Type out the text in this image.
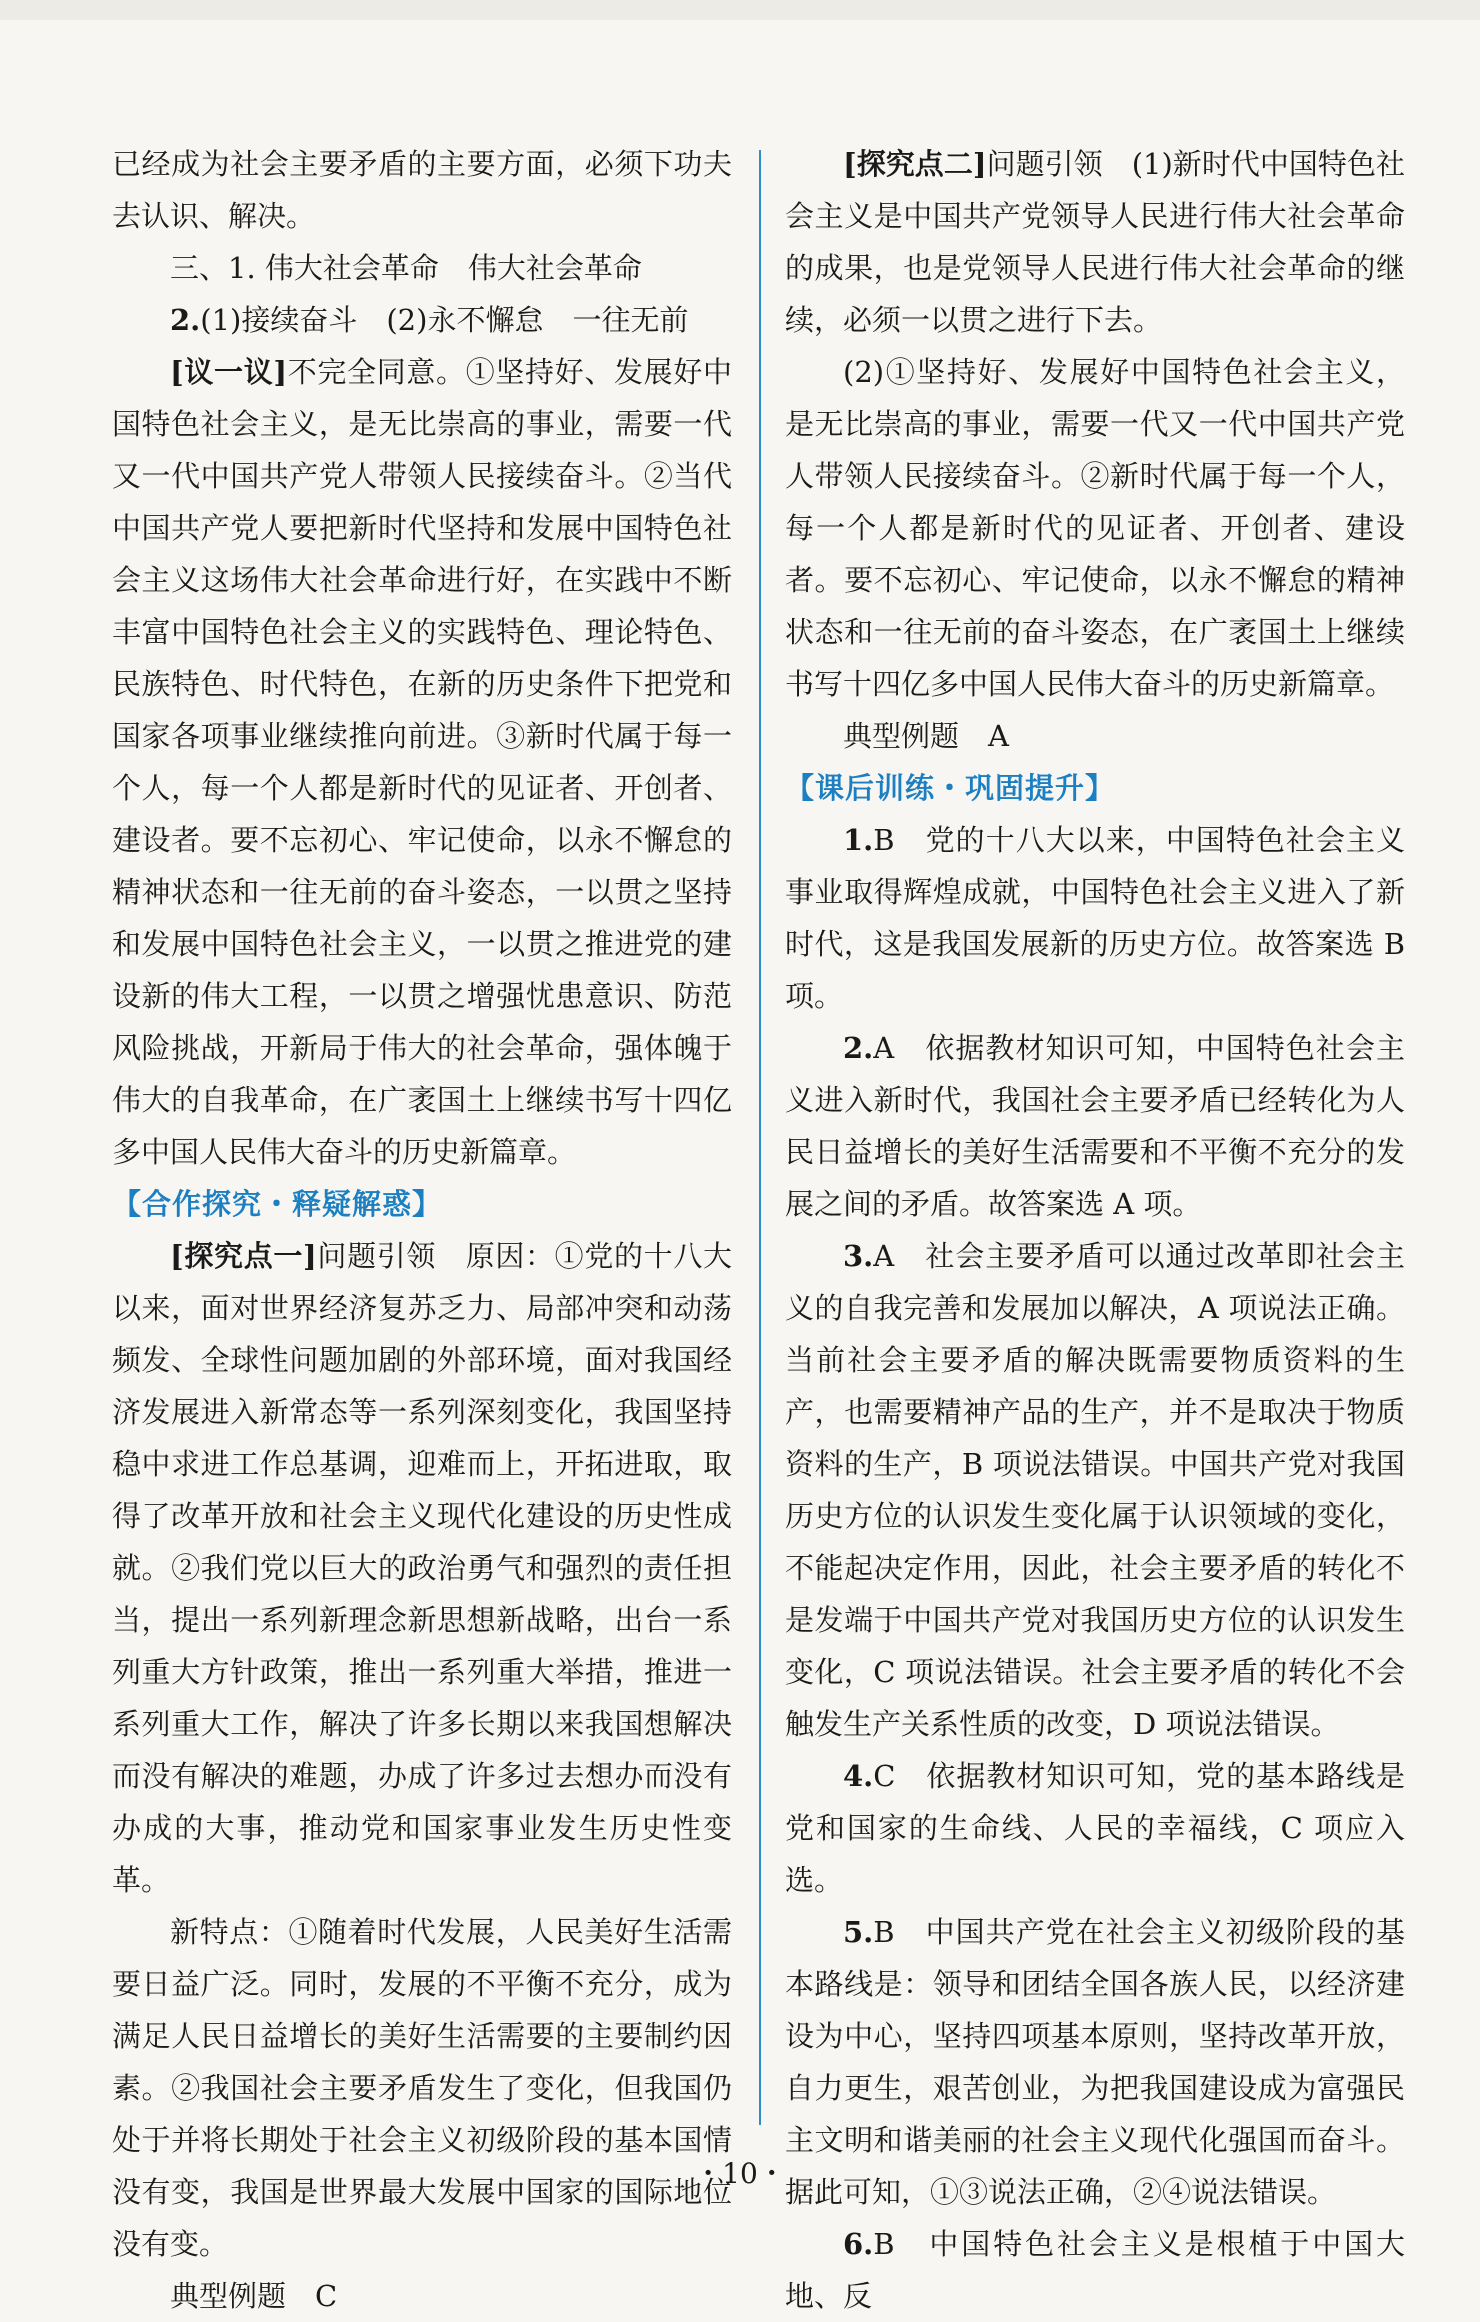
已经成为社会主要矛盾的主要方面，必须下功夫去认识、解决。

三、1. 伟大社会革命　伟大社会革命

2.(1)接续奋斗　(2)永不懈怠　一往无前

[议一议]不完全同意。①坚持好、发展好中国特色社会主义，是无比崇高的事业，需要一代又一代中国共产党人带领人民接续奋斗。②当代中国共产党人要把新时代坚持和发展中国特色社会主义这场伟大社会革命进行好，在实践中不断丰富中国特色社会主义的实践特色、理论特色、民族特色、时代特色，在新的历史条件下把党和国家各项事业继续推向前进。③新时代属于每一个人，每一个人都是新时代的见证者、开创者、建设者。要不忘初心、牢记使命，以永不懈怠的精神状态和一往无前的奋斗姿态，一以贯之坚持和发展中国特色社会主义，一以贯之推进党的建设新的伟大工程，一以贯之增强忧患意识、防范风险挑战，开新局于伟大的社会革命，强体魄于伟大的自我革命，在广袤国土上继续书写十四亿多中国人民伟大奋斗的历史新篇章。

【合作探究・释疑解惑】

[探究点一]问题引领　原因：①党的十八大以来，面对世界经济复苏乏力、局部冲突和动荡频发、全球性问题加剧的外部环境，面对我国经济发展进入新常态等一系列深刻变化，我国坚持稳中求进工作总基调，迎难而上，开拓进取，取得了改革开放和社会主义现代化建设的历史性成就。②我们党以巨大的政治勇气和强烈的责任担当，提出一系列新理念新思想新战略，出台一系列重大方针政策，推出一系列重大举措，推进一系列重大工作，解决了许多长期以来我国想解决而没有解决的难题，办成了许多过去想办而没有办成的大事，推动党和国家事业发生历史性变革。

新特点：①随着时代发展，人民美好生活需要日益广泛。同时，发展的不平衡不充分，成为满足人民日益增长的美好生活需要的主要制约因素。②我国社会主要矛盾发生了变化，但我国仍处于并将长期处于社会主义初级阶段的基本国情没有变，我国是世界最大发展中国家的国际地位没有变。

典型例题　C

[探究点二]问题引领　(1)新时代中国特色社会主义是中国共产党领导人民进行伟大社会革命的成果，也是党领导人民进行伟大社会革命的继续，必须一以贯之进行下去。

(2)①坚持好、发展好中国特色社会主义，是无比崇高的事业，需要一代又一代中国共产党人带领人民接续奋斗。②新时代属于每一个人，每一个人都是新时代的见证者、开创者、建设者。要不忘初心、牢记使命，以永不懈怠的精神状态和一往无前的奋斗姿态，在广袤国土上继续书写十四亿多中国人民伟大奋斗的历史新篇章。

典型例题　A

【课后训练・巩固提升】

1.B　党的十八大以来，中国特色社会主义事业取得辉煌成就，中国特色社会主义进入了新时代，这是我国发展新的历史方位。故答案选 B 项。

2.A　依据教材知识可知，中国特色社会主义进入新时代，我国社会主要矛盾已经转化为人民日益增长的美好生活需要和不平衡不充分的发展之间的矛盾。故答案选 A 项。

3.A　社会主要矛盾可以通过改革即社会主义的自我完善和发展加以解决，A 项说法正确。当前社会主要矛盾的解决既需要物质资料的生产，也需要精神产品的生产，并不是取决于物质资料的生产，B 项说法错误。中国共产党对我国历史方位的认识发生变化属于认识领域的变化，不能起决定作用，因此，社会主要矛盾的转化不是发端于中国共产党对我国历史方位的认识发生变化，C 项说法错误。社会主要矛盾的转化不会触发生产关系性质的改变，D 项说法错误。

4.C　依据教材知识可知，党的基本路线是党和国家的生命线、人民的幸福线，C 项应入选。

5.B　中国共产党在社会主义初级阶段的基本路线是：领导和团结全国各族人民，以经济建设为中心，坚持四项基本原则，坚持改革开放，自力更生，艰苦创业，为把我国建设成为富强民主文明和谐美丽的社会主义现代化强国而奋斗。据此可知，①③说法正确，②④说法错误。

6.B　中国特色社会主义是根植于中国大地、反

・10・
